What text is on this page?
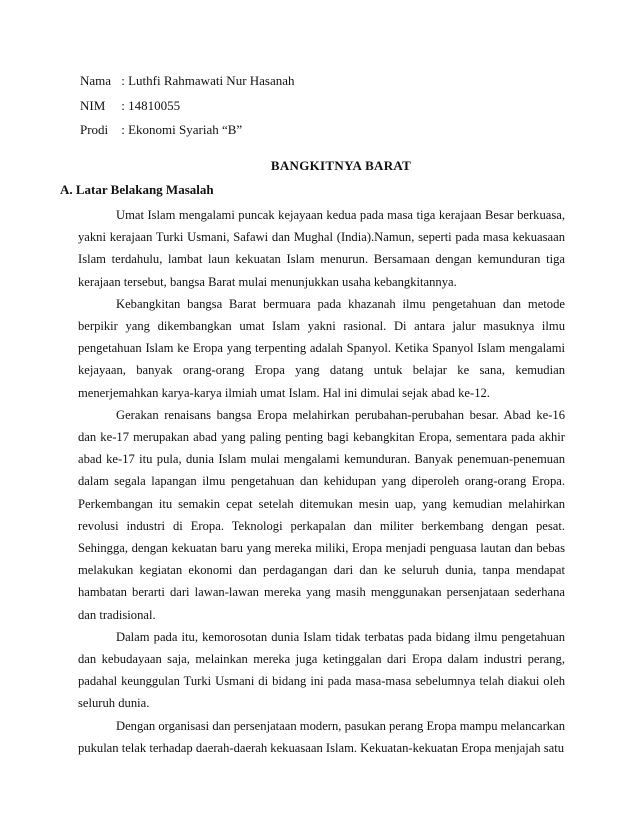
Nama : Luthfi Rahmawati Nur Hasanah
NIM : 14810055
Prodi : Ekonomi Syariah “B”
BANGKITNYA BARAT
A. Latar Belakang Masalah

Umat Islam mengalami puncak kejayaan kedua pada masa tiga kerajaan Besar berkuasa, yakni kerajaan Turki Usmani, Safawi dan Mughal (India).Namun, seperti pada masa kekuasaan Islam terdahulu, lambat laun kekuatan Islam menurun. Bersamaan dengan kemunduran tiga kerajaan tersebut, bangsa Barat mulai menunjukkan usaha kebangkitannya.

Kebangkitan bangsa Barat bermuara pada khazanah ilmu pengetahuan dan metode berpikir yang dikembangkan umat Islam yakni rasional. Di antara jalur masuknya ilmu pengetahuan Islam ke Eropa yang terpenting adalah Spanyol. Ketika Spanyol Islam mengalami kejayaan, banyak orang-orang Eropa yang datang untuk belajar ke sana, kemudian menerjemahkan karya-karya ilmiah umat Islam. Hal ini dimulai sejak abad ke-12.

Gerakan renaisans bangsa Eropa melahirkan perubahan-perubahan besar. Abad ke-16 dan ke-17 merupakan abad yang paling penting bagi kebangkitan Eropa, sementara pada akhir abad ke-17 itu pula, dunia Islam mulai mengalami kemunduran. Banyak penemuan-penemuan dalam segala lapangan ilmu pengetahuan dan kehidupan yang diperoleh orang-orang Eropa. Perkembangan itu semakin cepat setelah ditemukan mesin uap, yang kemudian melahirkan revolusi industri di Eropa. Teknologi perkapalan dan militer berkembang dengan pesat. Sehingga, dengan kekuatan baru yang mereka miliki, Eropa menjadi penguasa lautan dan bebas melakukan kegiatan ekonomi dan perdagangan dari dan ke seluruh dunia, tanpa mendapat hambatan berarti dari lawan-lawan mereka yang masih menggunakan persenjataan sederhana dan tradisional.

Dalam pada itu, kemorosotan dunia Islam tidak terbatas pada bidang ilmu pengetahuan dan kebudayaan saja, melainkan mereka juga ketinggalan dari Eropa dalam industri perang, padahal keunggulan Turki Usmani di bidang ini pada masa-masa sebelumnya telah diakui oleh seluruh dunia.

Dengan organisasi dan persenjataan modern, pasukan perang Eropa mampu melancarkan pukulan telak terhadap daerah-daerah kekuasaan Islam. Kekuatan-kekuatan Eropa menjajah satu
